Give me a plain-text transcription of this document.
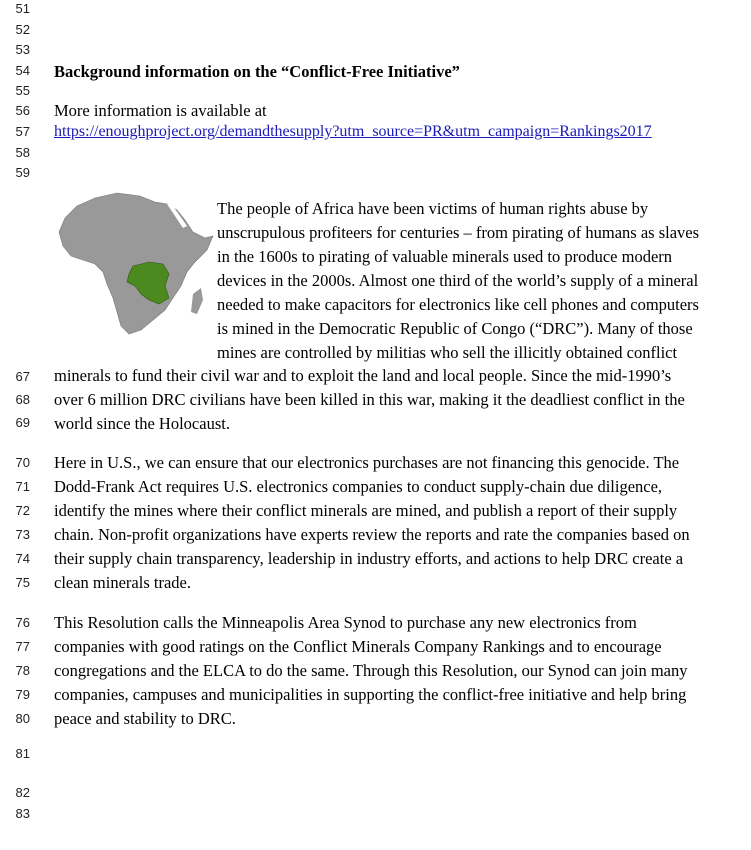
51
52
53
54
55
56
57
58
59
67
68
69
70
71
72
73
74
75
76
77
78
79
80
81
82
83
Background information on the “Conflict-Free Initiative”
More information is available at
https://enoughproject.org/demandthesupply?utm_source=PR&utm_campaign=Rankings2017
The people of Africa have been victims of human rights abuse by
unscrupulous profiteers for centuries – from pirating of humans as slaves
in the 1600s to pirating of valuable minerals used to produce modern
devices in the 2000s. Almost one third of the world’s supply of a mineral
needed to make capacitors for electronics like cell phones and computers
is mined in the Democratic Republic of Congo (“DRC”). Many of those
mines are controlled by militias who sell the illicitly obtained conflict
minerals to fund their civil war and to exploit the land and local people. Since the mid-1990’s
over 6 million DRC civilians have been killed in this war, making it the deadliest conflict in the
world since the Holocaust.
Here in U.S., we can ensure that our electronics purchases are not financing this genocide. The
Dodd-Frank Act requires U.S. electronics companies to conduct supply-chain due diligence,
identify the mines where their conflict minerals are mined, and publish a report of their supply
chain. Non-profit organizations have experts review the reports and rate the companies based on
their supply chain transparency, leadership in industry efforts, and actions to help DRC create a
clean minerals trade.
This Resolution calls the Minneapolis Area Synod to purchase any new electronics from
companies with good ratings on the Conflict Minerals Company Rankings and to encourage
congregations and the ELCA to do the same. Through this Resolution, our Synod can join many
companies, campuses and municipalities in supporting the conflict-free initiative and help bring
peace and stability to DRC.
